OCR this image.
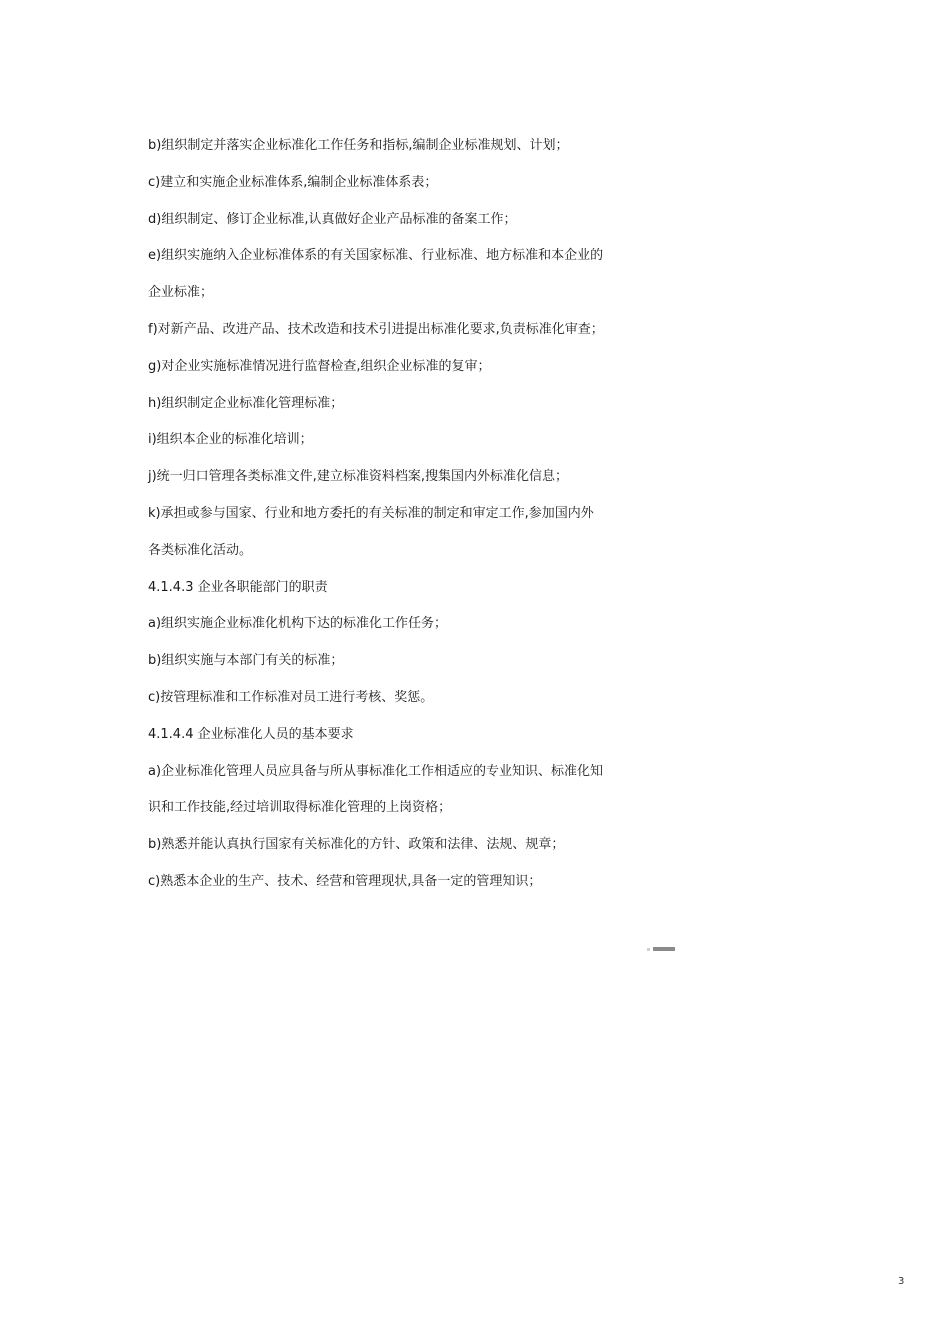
b)组织制定并落实企业标准化工作任务和指标,编制企业标准规划、计划；
c)建立和实施企业标准体系,编制企业标准体系表；
d)组织制定、修订企业标准,认真做好企业产品标准的备案工作；
e)组织实施纳入企业标准体系的有关国家标准、行业标准、地方标准和本企业的
企业标准；
f)对新产品、改进产品、技术改造和技术引进提出标准化要求,负责标准化审查；
g)对企业实施标准情况进行监督检查,组织企业标准的复审；
h)组织制定企业标准化管理标准；
i)组织本企业的标准化培训；
j)统一归口管理各类标准文件,建立标准资料档案,搜集国内外标准化信息；
k)承担或参与国家、行业和地方委托的有关标准的制定和审定工作,参加国内外
各类标准化活动。
4.1.4.3 企业各职能部门的职责
a)组织实施企业标准化机构下达的标准化工作任务；
b)组织实施与本部门有关的标准；
c)按管理标准和工作标准对员工进行考核、奖惩。
4.1.4.4 企业标准化人员的基本要求
a)企业标准化管理人员应具备与所从事标准化工作相适应的专业知识、标准化知
识和工作技能,经过培训取得标准化管理的上岗资格；
b)熟悉并能认真执行国家有关标准化的方针、政策和法律、法规、规章；
c)熟悉本企业的生产、技术、经营和管理现状,具备一定的管理知识；
3
